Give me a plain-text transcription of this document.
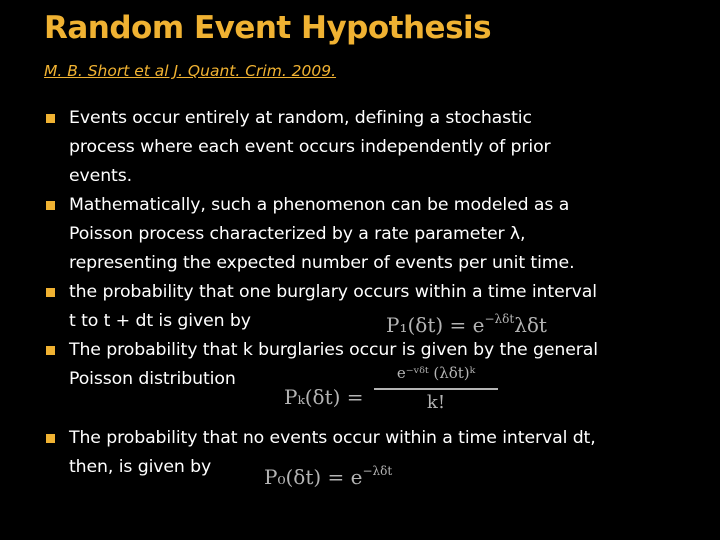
Random Event Hypothesis
M. B. Short et al J. Quant. Crim. 2009.
Events occur entirely at random, defining a stochastic
process where each event occurs independently of prior
events.
Mathematically, such a phenomenon can be modeled as a
Poisson process characterized by a rate parameter λ,
representing the expected number of events per unit time.
the probability that one burglary occurs within a time interval
t to t + dt is given by
The probability that k burglaries occur is given by the general
Poisson distribution
The probability that no events occur within a time interval dt,
then, is given by
$P_1(\delta t) = e^{-\lambda\delta t}\lambda\delta t$
Pₖ(δt) =
e⁻ᵛᵟᵗ (λδt)ᵏ
k!
$P_0(\delta t) = e^{-\lambda\delta t}$
